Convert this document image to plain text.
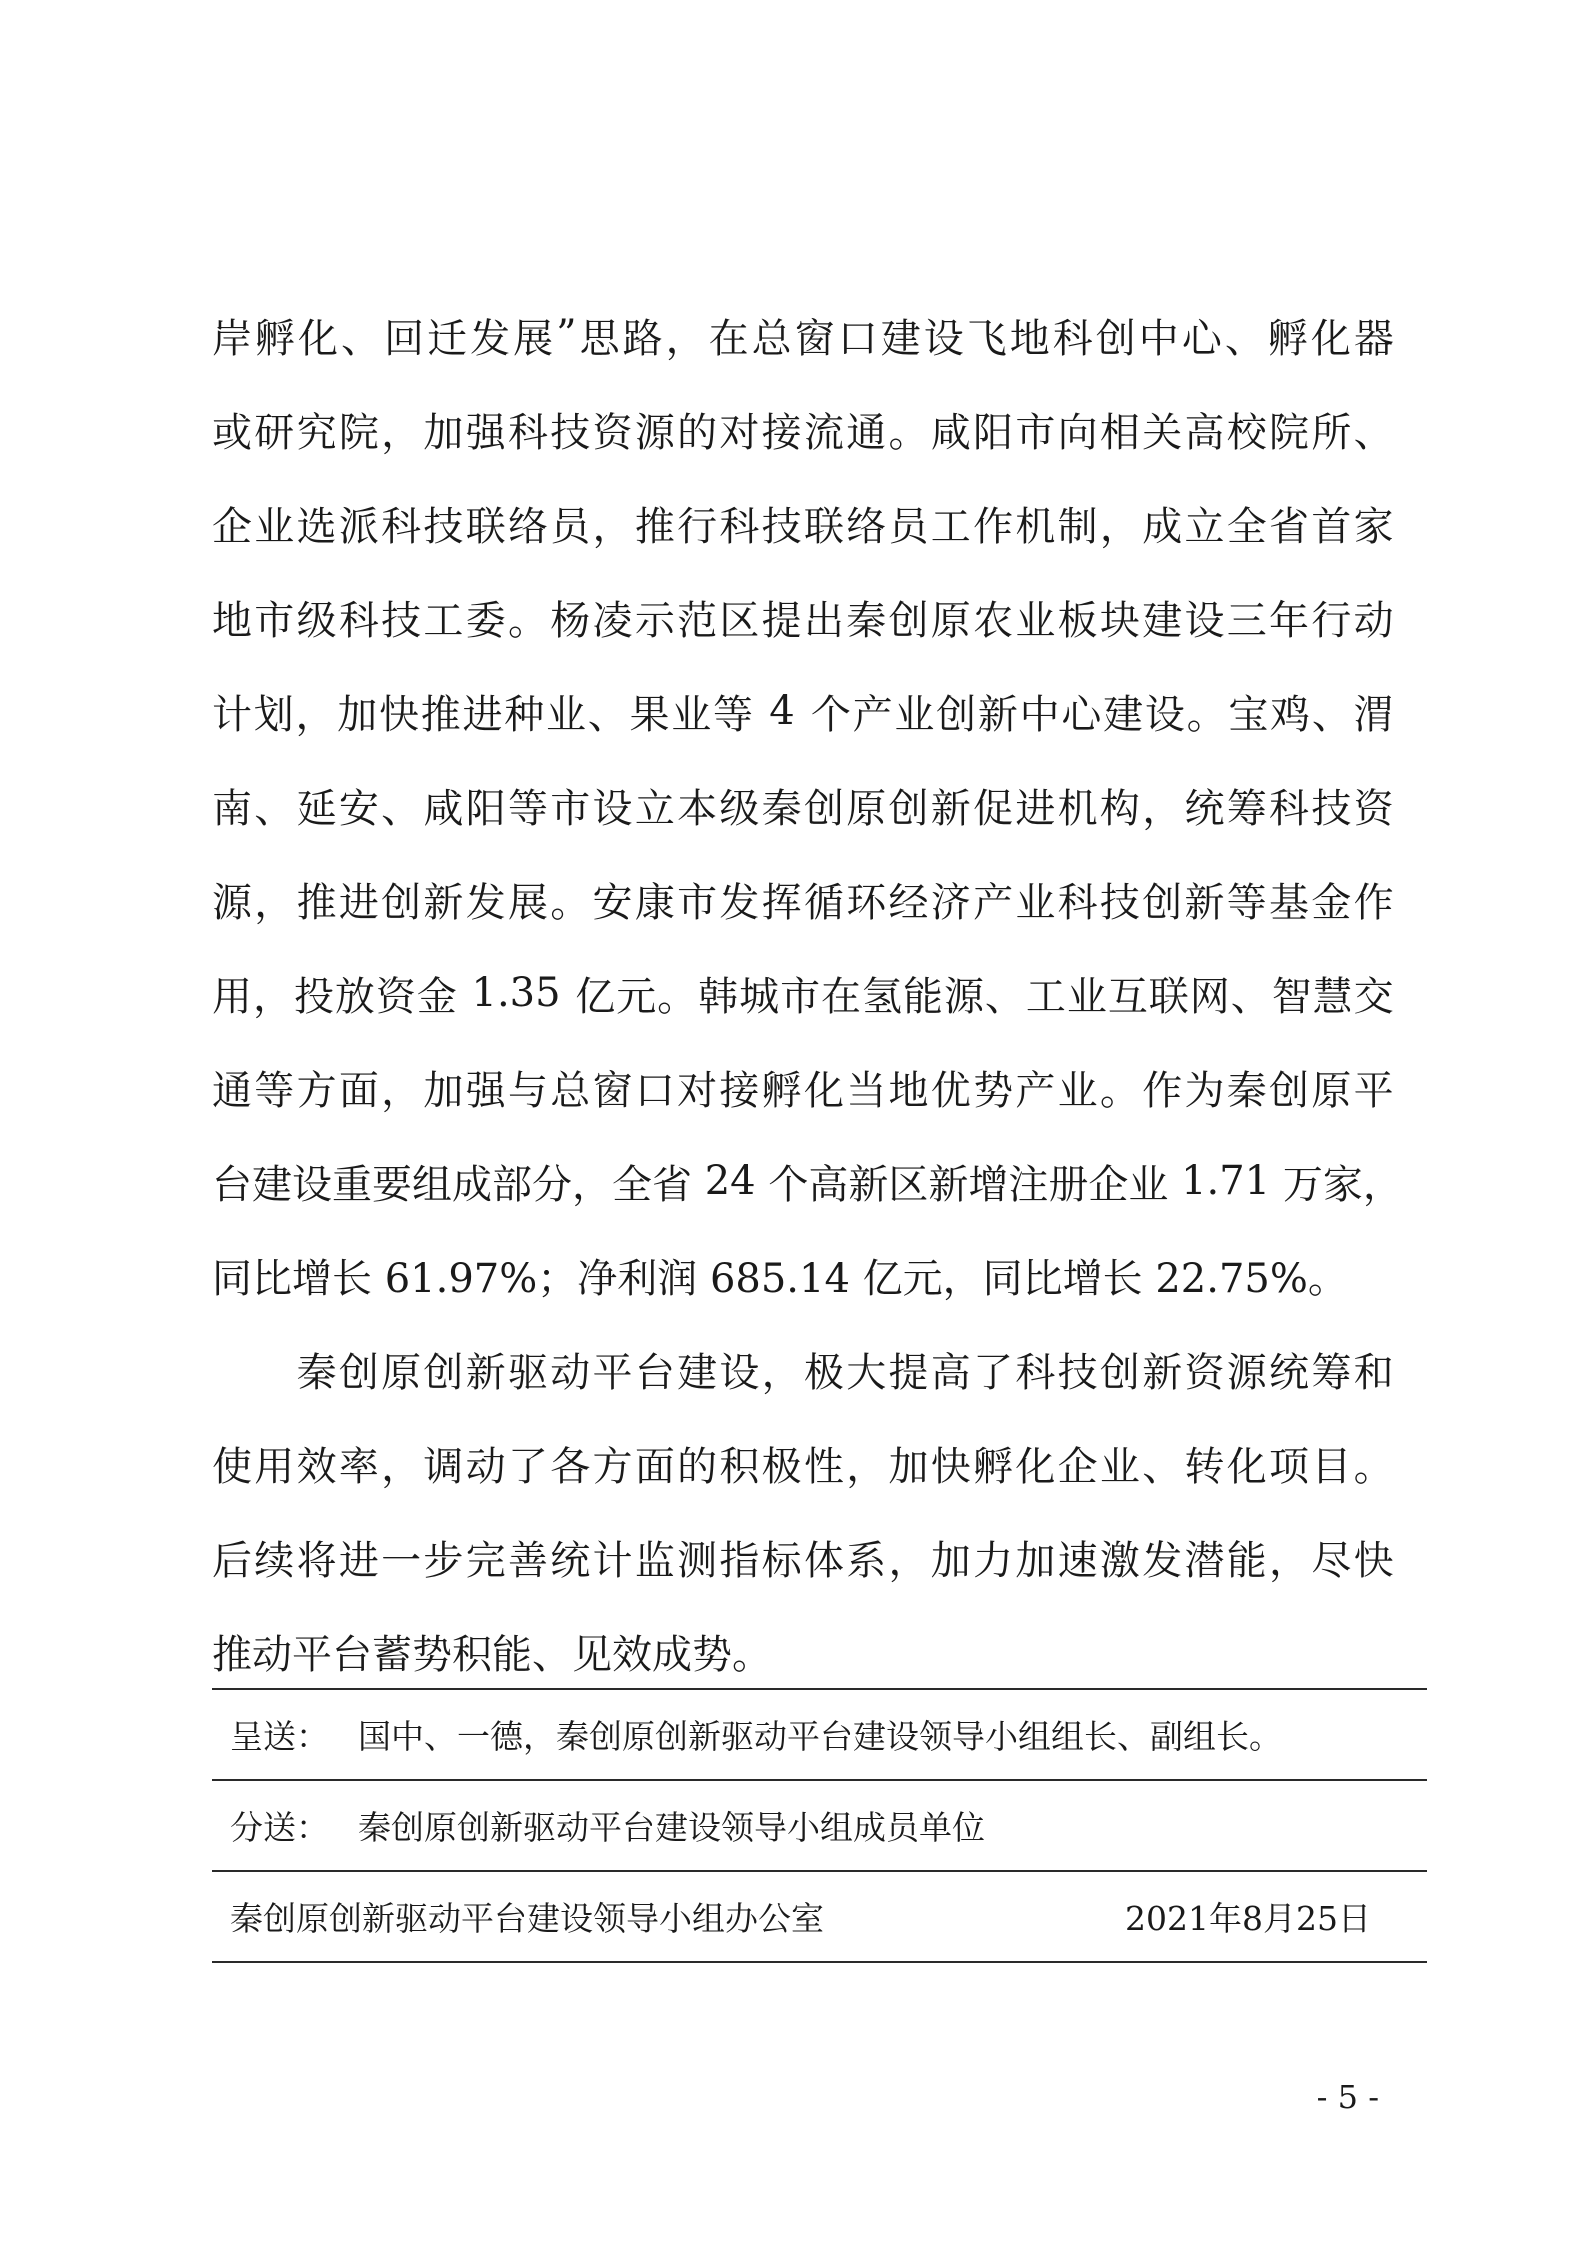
岸 孵 化 、 回 迁 发 展 ” 思 路 ， 在 总 窗 口 建 设 飞 地 科 创 中 心 、 孵 化 器
或 研 究 院 ， 加 强 科 技 资 源 的 对 接 流 通 。 咸 阳 市 向 相 关 高 校 院 所 、
企 业 选 派 科 技 联 络 员 ， 推 行 科 技 联 络 员 工 作 机 制 ， 成 立 全 省 首 家
地 市 级 科 技 工 委 。 杨 凌 示 范 区 提 出 秦 创 原 农 业 板 块 建 设 三 年 行 动
计 划 ， 加 快 推 进 种 业 、 果 业 等
4
个 产 业 创 新 中 心 建 设 。 宝 鸡 、 渭
南 、 延 安 、 咸 阳 等 市 设 立 本 级 秦 创 原 创 新 促 进 机 构 ， 统 筹 科 技 资
源 ， 推 进 创 新 发 展 。 安 康 市 发 挥 循 环 经 济 产 业 科 技 创 新 等 基 金 作
用 ， 投 放 资 金
1.35
亿 元 。 韩 城 市 在 氢 能 源 、 工 业 互 联 网 、 智 慧 交
通 等 方 面 ， 加 强 与 总 窗 口 对 接 孵 化 当 地 优 势 产 业 。 作 为 秦 创 原 平
台 建 设 重 要 组 成 部 分 ， 全 省
24
个 高 新 区 新 增 注 册 企 业
1.71
万 家 ，
同比增长 61.97%；净利润 685.14 亿元，同比增长 22.75%。

秦 创 原 创 新 驱 动 平 台 建 设 ， 极 大 提 高 了 科 技 创 新 资 源 统 筹 和
使 用 效 率 ， 调 动 了 各 方 面 的 积 极 性 ， 加 快 孵 化 企 业 、 转 化 项 目 。
后 续 将 进 一 步 完 善 统 计 监 测 指 标 体 系 ， 加 力 加 速 激 发 潜 能 ， 尽 快
推动平台蓄势积能、见效成势。
呈送： 国中、一德，秦创原创新驱动平台建设领导小组组长、副组长。
分送： 秦创原创新驱动平台建设领导小组成员单位
秦创原创新驱动平台建设领导小组办公室	2021年8月25日
- 5 -
